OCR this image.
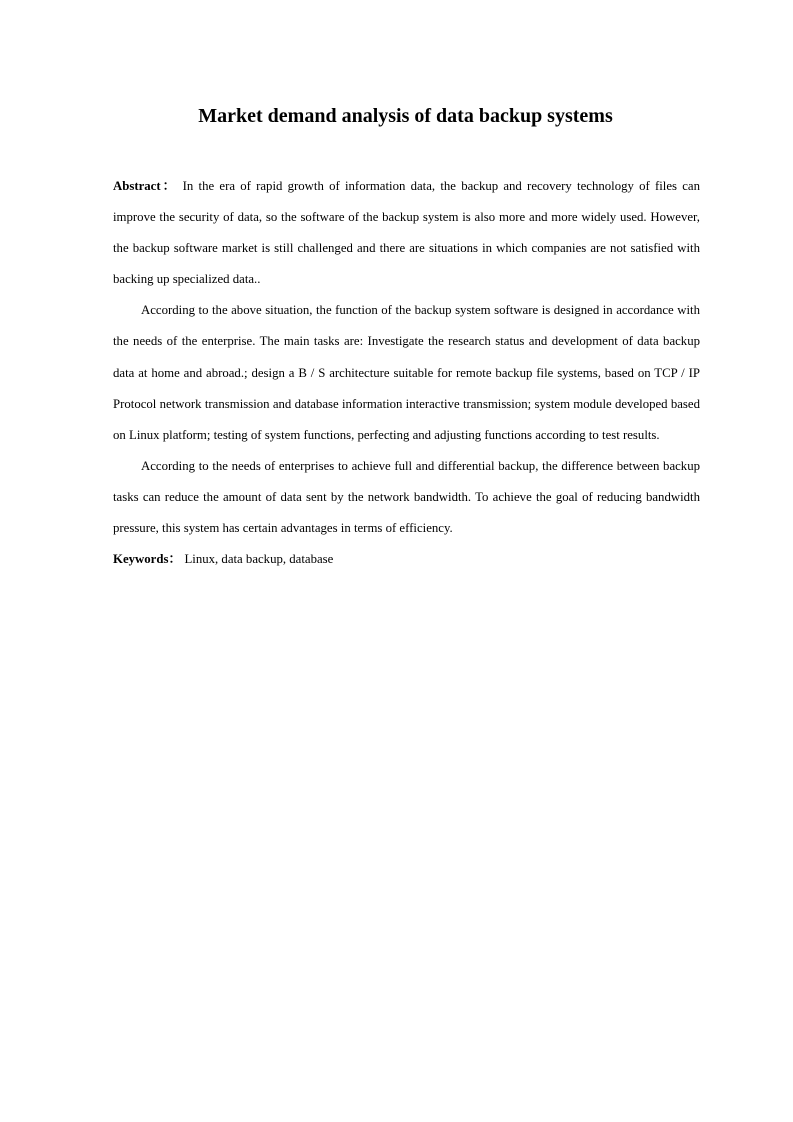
Market demand analysis of data backup systems

Abstract： In the era of rapid growth of information data, the backup and recovery technology of files can improve the security of data, so the software of the backup system is also more and more widely used. However, the backup software market is still challenged and there are situations in which companies are not satisfied with backing up specialized data..

According to the above situation, the function of the backup system software is designed in accordance with the needs of the enterprise. The main tasks are: Investigate the research status and development of data backup data at home and abroad.; design a B / S architecture suitable for remote backup file systems, based on TCP / IP Protocol network transmission and database information interactive transmission; system module developed based on Linux platform; testing of system functions, perfecting and adjusting functions according to test results.

According to the needs of enterprises to achieve full and differential backup, the difference between backup tasks can reduce the amount of data sent by the network bandwidth. To achieve the goal of reducing bandwidth pressure, this system has certain advantages in terms of efficiency.

Keywords： Linux, data backup, database
